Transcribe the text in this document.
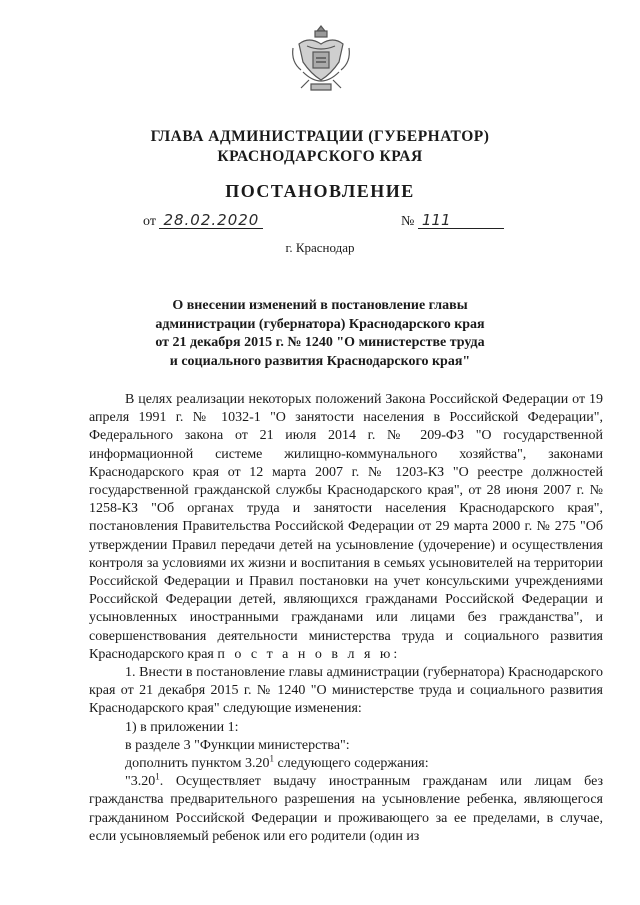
ГЛАВА АДМИНИСТРАЦИИ (ГУБЕРНАТОР)
КРАСНОДАРСКОГО КРАЯ
ПОСТАНОВЛЕНИЕ
от 28.02.2020	№ 111
г. Краснодар
О внесении изменений в постановление главы
администрации (губернатора) Краснодарского края
от 21 декабря 2015 г. № 1240 "О министерстве труда
и социального развития Краснодарского края"

В целях реализации некоторых положений Закона Российской Федерации от 19 апреля 1991 г. № 1032-1 "О занятости населения в Российской Федерации", Федерального закона от 21 июля 2014 г. № 209-ФЗ "О государственной информационной системе жилищно-коммунального хозяйства", законами Краснодарского края от 12 марта 2007 г. № 1203-КЗ "О реестре должностей государственной гражданской службы Краснодарского края", от 28 июня 2007 г. № 1258-КЗ "Об органах труда и занятости населения Краснодарского края", постановления Правительства Российской Федерации от 29 марта 2000 г. № 275 "Об утверждении Правил передачи детей на усыновление (удочерение) и осуществления контроля за условиями их жизни и воспитания в семьях усыновителей на территории Российской Федерации и Правил постановки на учет консульскими учреждениями Российской Федерации детей, являющихся гражданами Российской Федерации и усыновленных иностранными гражданами или лицами без гражданства", и совершенствования деятельности министерства труда и социального развития Краснодарского края п о с т а н о в л я ю:

1. Внести в постановление главы администрации (губернатора) Краснодарского края от 21 декабря 2015 г. № 1240 "О министерстве труда и социального развития Краснодарского края" следующие изменения:

1) в приложении 1:

в разделе 3 "Функции министерства":

дополнить пунктом 3.20$^1$ следующего содержания:

"3.20$^1$. Осуществляет выдачу иностранным гражданам или лицам без гражданства предварительного разрешения на усыновление ребенка, являющегося гражданином Российской Федерации и проживающего за ее пределами, в случае, если усыновляемый ребенок или его родители (один из
